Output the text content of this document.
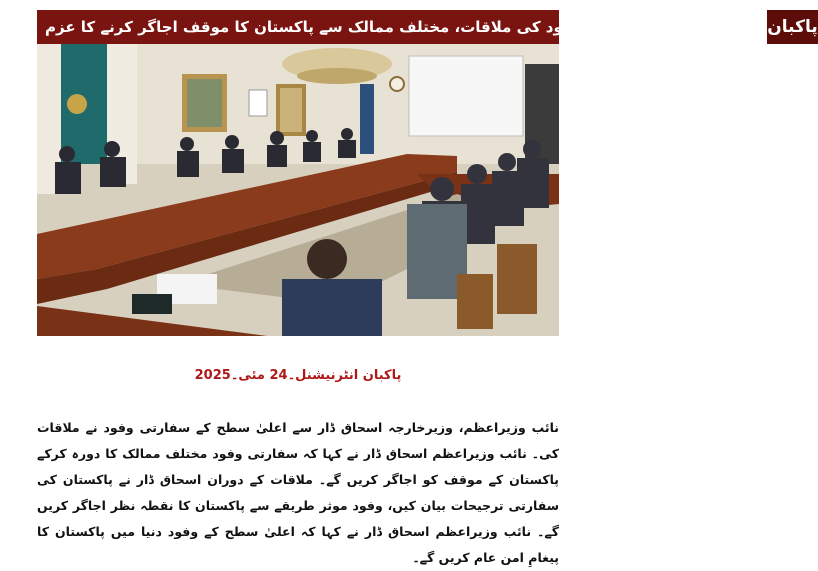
اسحاق ڈار سے سفارتی وفود کی ملاقات، مختلف ممالک سے پاکستان کا موقف اجاگر کرنے کا عزم پاکبان
پاکبان انٹرنیشنل۔24 مئی۔2025
نائب وزیراعظم، وزیرخارجہ اسحاق ڈار سے اعلیٰ سطح کے سفارتی وفود نے ملاقات کی۔ نائب وزیراعظم اسحاق ڈار نے کہا کہ سفارتی وفود مختلف ممالک کا دورہ کرکے پاکستان کے موقف کو اجاگر کریں گے۔ ملاقات کے دوران اسحاق ڈار نے پاکستان کی سفارتی ترجیحات بیان کیں، وفود موثر طریقے سے پاکستان کا نقطہ نظر اجاگر کریں گے۔ نائب وزیراعظم اسحاق ڈار نے کہا کہ اعلیٰ سطح کے وفود دنیا میں پاکستان کا پیغامِ امن عام کریں گے۔
